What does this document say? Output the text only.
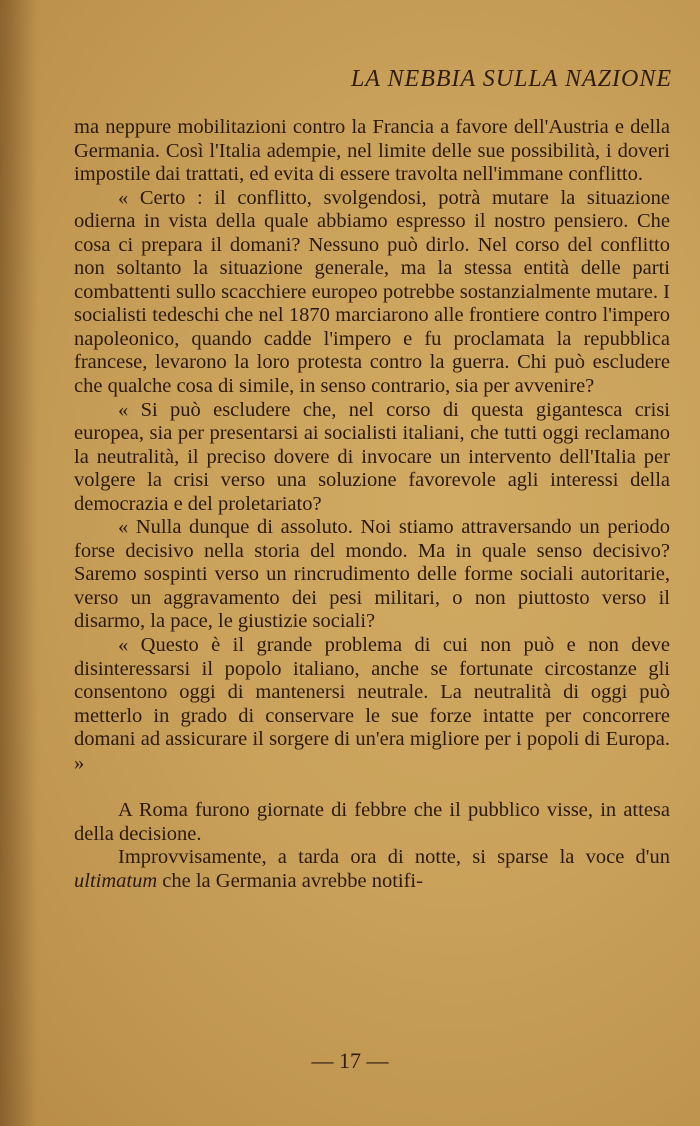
LA NEBBIA SULLA NAZIONE

ma neppure mobilitazioni contro la Francia a favore dell'Austria e della Germania. Così l'Italia adempie, nel limite delle sue possibilità, i doveri impostile dai trattati, ed evita di essere travolta nell'immane conflitto.

« Certo : il conflitto, svolgendosi, potrà mutare la situazione odierna in vista della quale abbiamo espresso il nostro pensiero. Che cosa ci prepara il domani? Nessuno può dirlo. Nel corso del conflitto non soltanto la situazione generale, ma la stessa entità delle parti combattenti sullo scacchiere europeo potrebbe sostanzialmente mutare. I socialisti tedeschi che nel 1870 marciarono alle frontiere contro l'impero napoleonico, quando cadde l'impero e fu proclamata la repubblica francese, levarono la loro protesta contro la guerra. Chi può escludere che qualche cosa di simile, in senso contrario, sia per avvenire?

« Si può escludere che, nel corso di questa gigantesca crisi europea, sia per presentarsi ai socialisti italiani, che tutti oggi reclamano la neutralità, il preciso dovere di invocare un intervento dell'Italia per volgere la crisi verso una soluzione favorevole agli interessi della democrazia e del proletariato?

« Nulla dunque di assoluto. Noi stiamo attraversando un periodo forse decisivo nella storia del mondo. Ma in quale senso decisivo? Saremo sospinti verso un rincrudimento delle forme sociali autoritarie, verso un aggravamento dei pesi militari, o non piuttosto verso il disarmo, la pace, le giustizie sociali?

« Questo è il grande problema di cui non può e non deve disinteressarsi il popolo italiano, anche se fortunate circostanze gli consentono oggi di mantenersi neutrale. La neutralità di oggi può metterlo in grado di conservare le sue forze intatte per concorrere domani ad assicurare il sorgere di un'era migliore per i popoli di Europa. »

A Roma furono giornate di febbre che il pubblico visse, in attesa della decisione.

Improvvisamente, a tarda ora di notte, si sparse la voce d'un ultimatum che la Germania avrebbe notifi-

— 17 —
